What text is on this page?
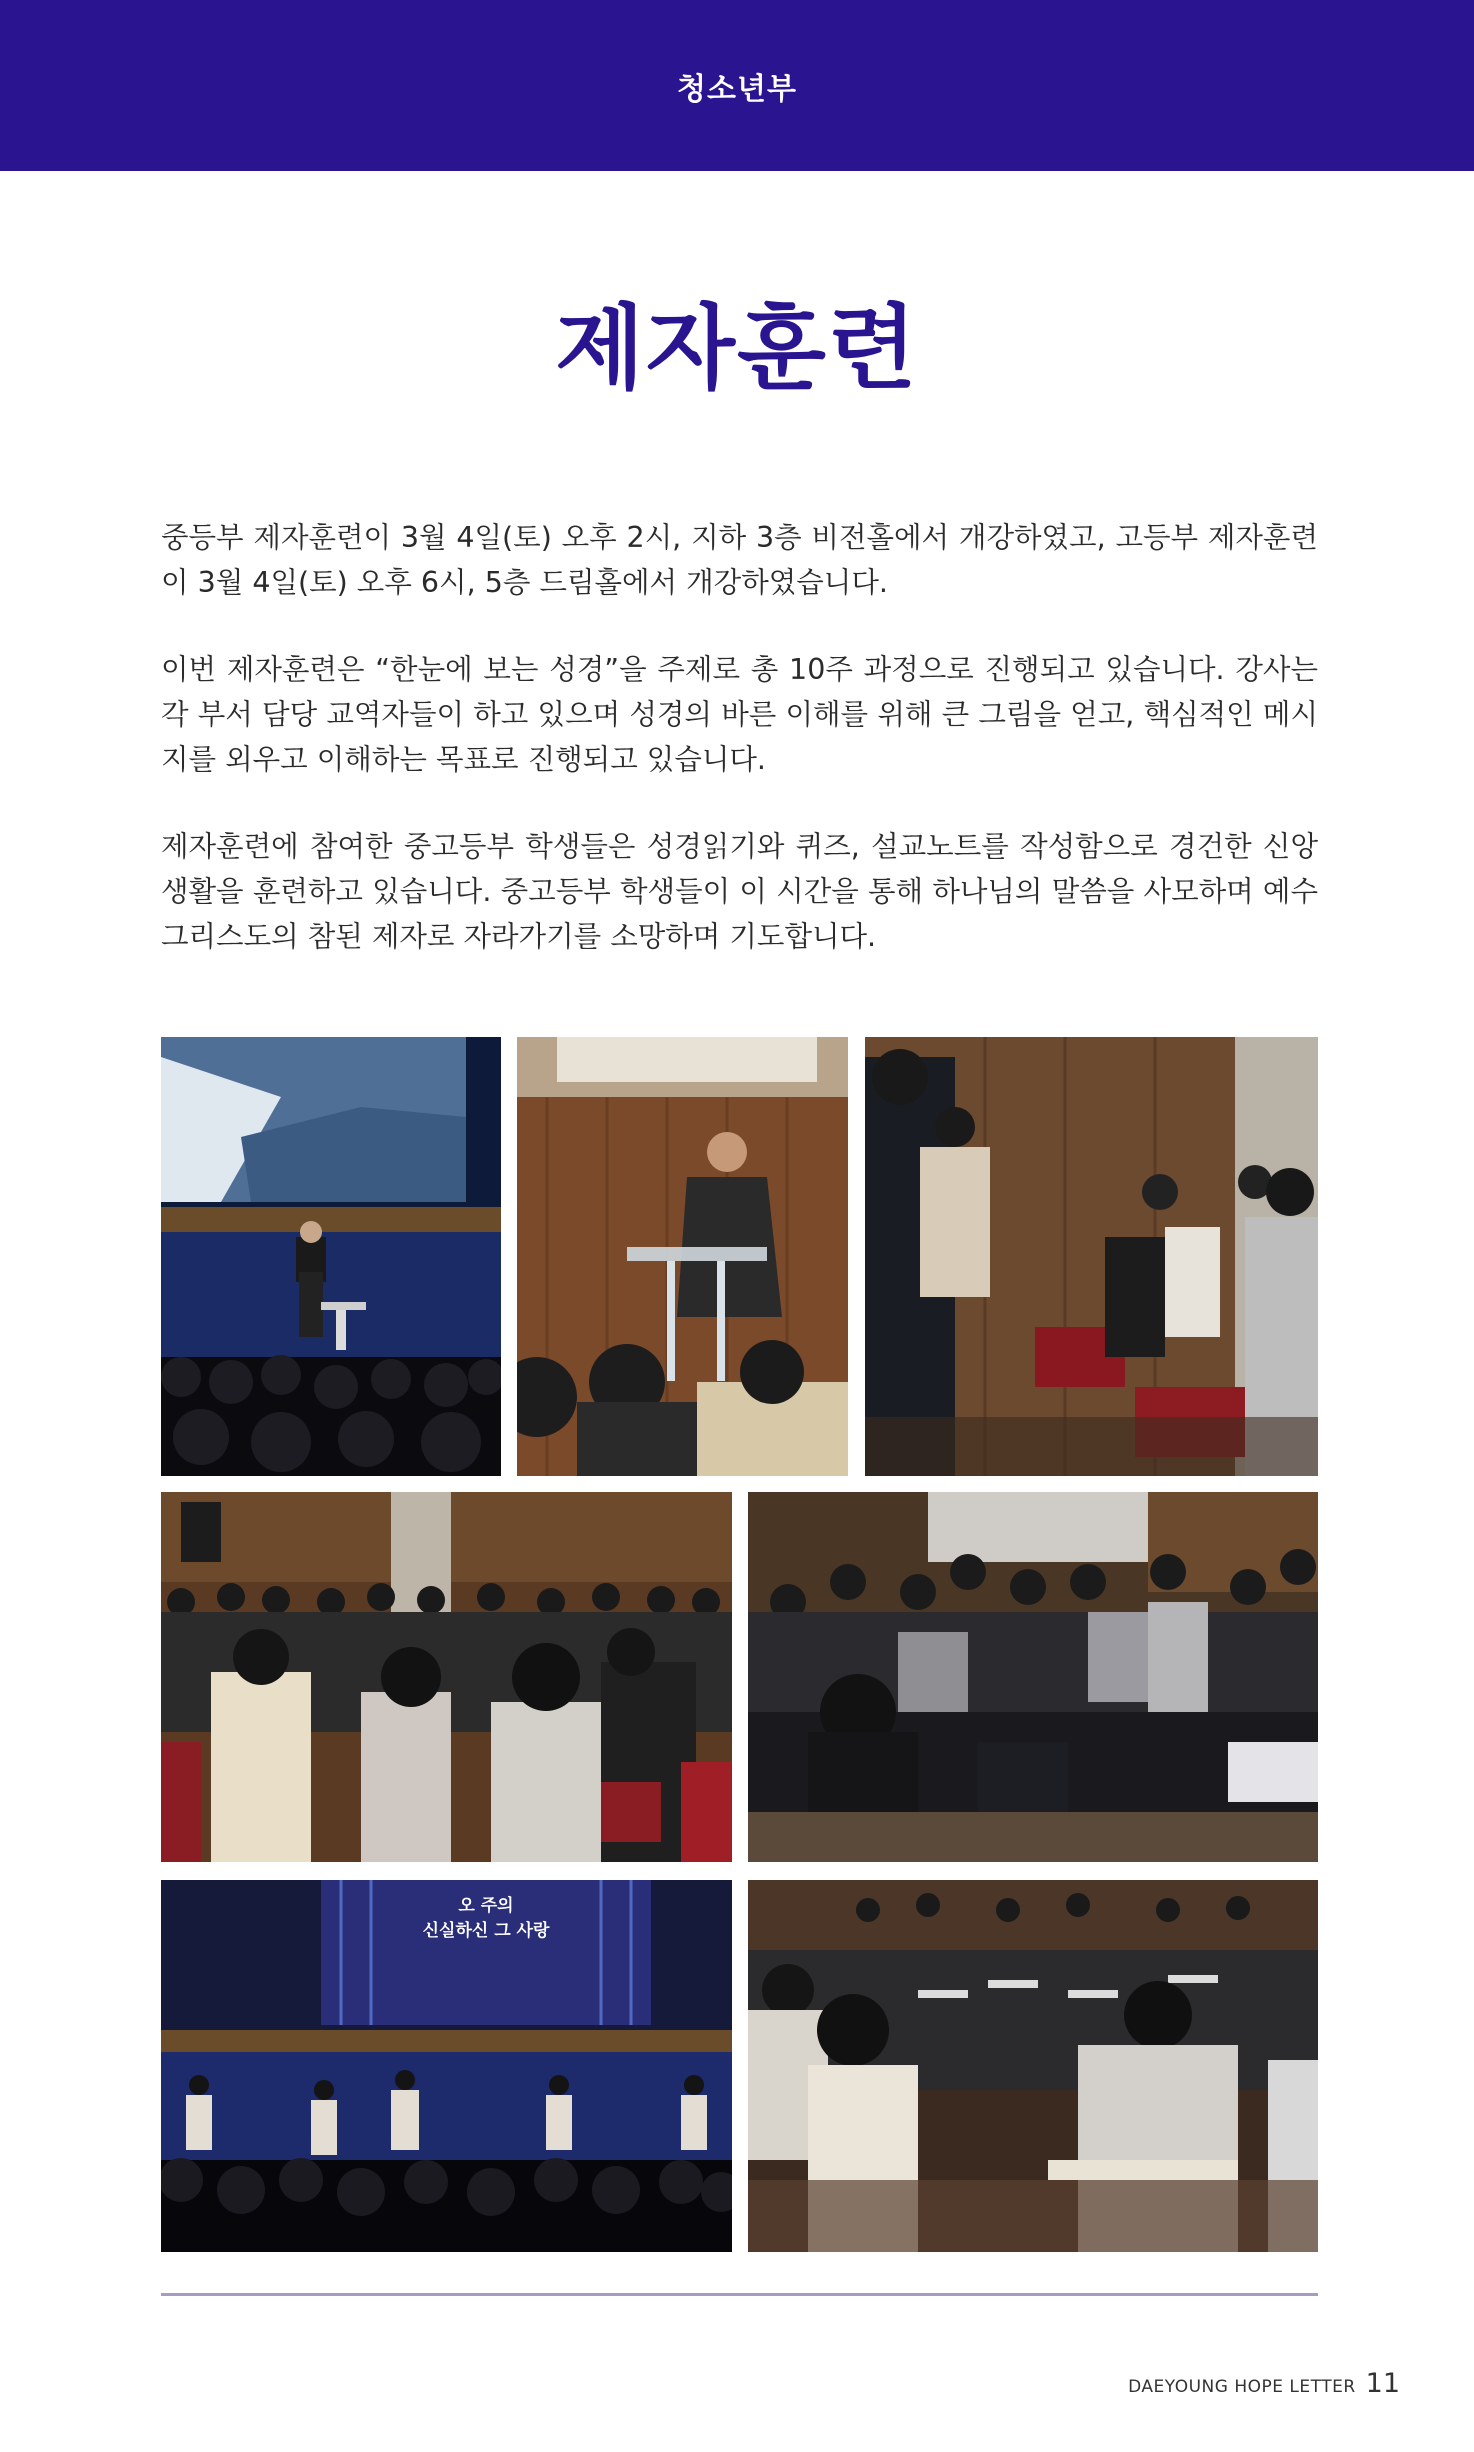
청소년부
제자훈련

중등부 제자훈련이 3월 4일(토) 오후 2시, 지하 3층 비전홀에서 개강하였고, 고등부 제자훈련이 3월 4일(토) 오후 6시, 5층 드림홀에서 개강하였습니다.

이번 제자훈련은 “한눈에 보는 성경”을 주제로 총 10주 과정으로 진행되고 있습니다. 강사는 각 부서 담당 교역자들이 하고 있으며 성경의 바른 이해를 위해 큰 그림을 얻고, 핵심적인 메시지를 외우고 이해하는 목표로 진행되고 있습니다.

제자훈련에 참여한 중고등부 학생들은 성경읽기와 퀴즈, 설교노트를 작성함으로 경건한 신앙생활을 훈련하고 있습니다. 중고등부 학생들이 이 시간을 통해 하나님의 말씀을 사모하며 예수 그리스도의 참된 제자로 자라가기를 소망하며 기도합니다.

오 주의
신실하신 그 사랑
DAEYOUNG HOPE LETTER 11
